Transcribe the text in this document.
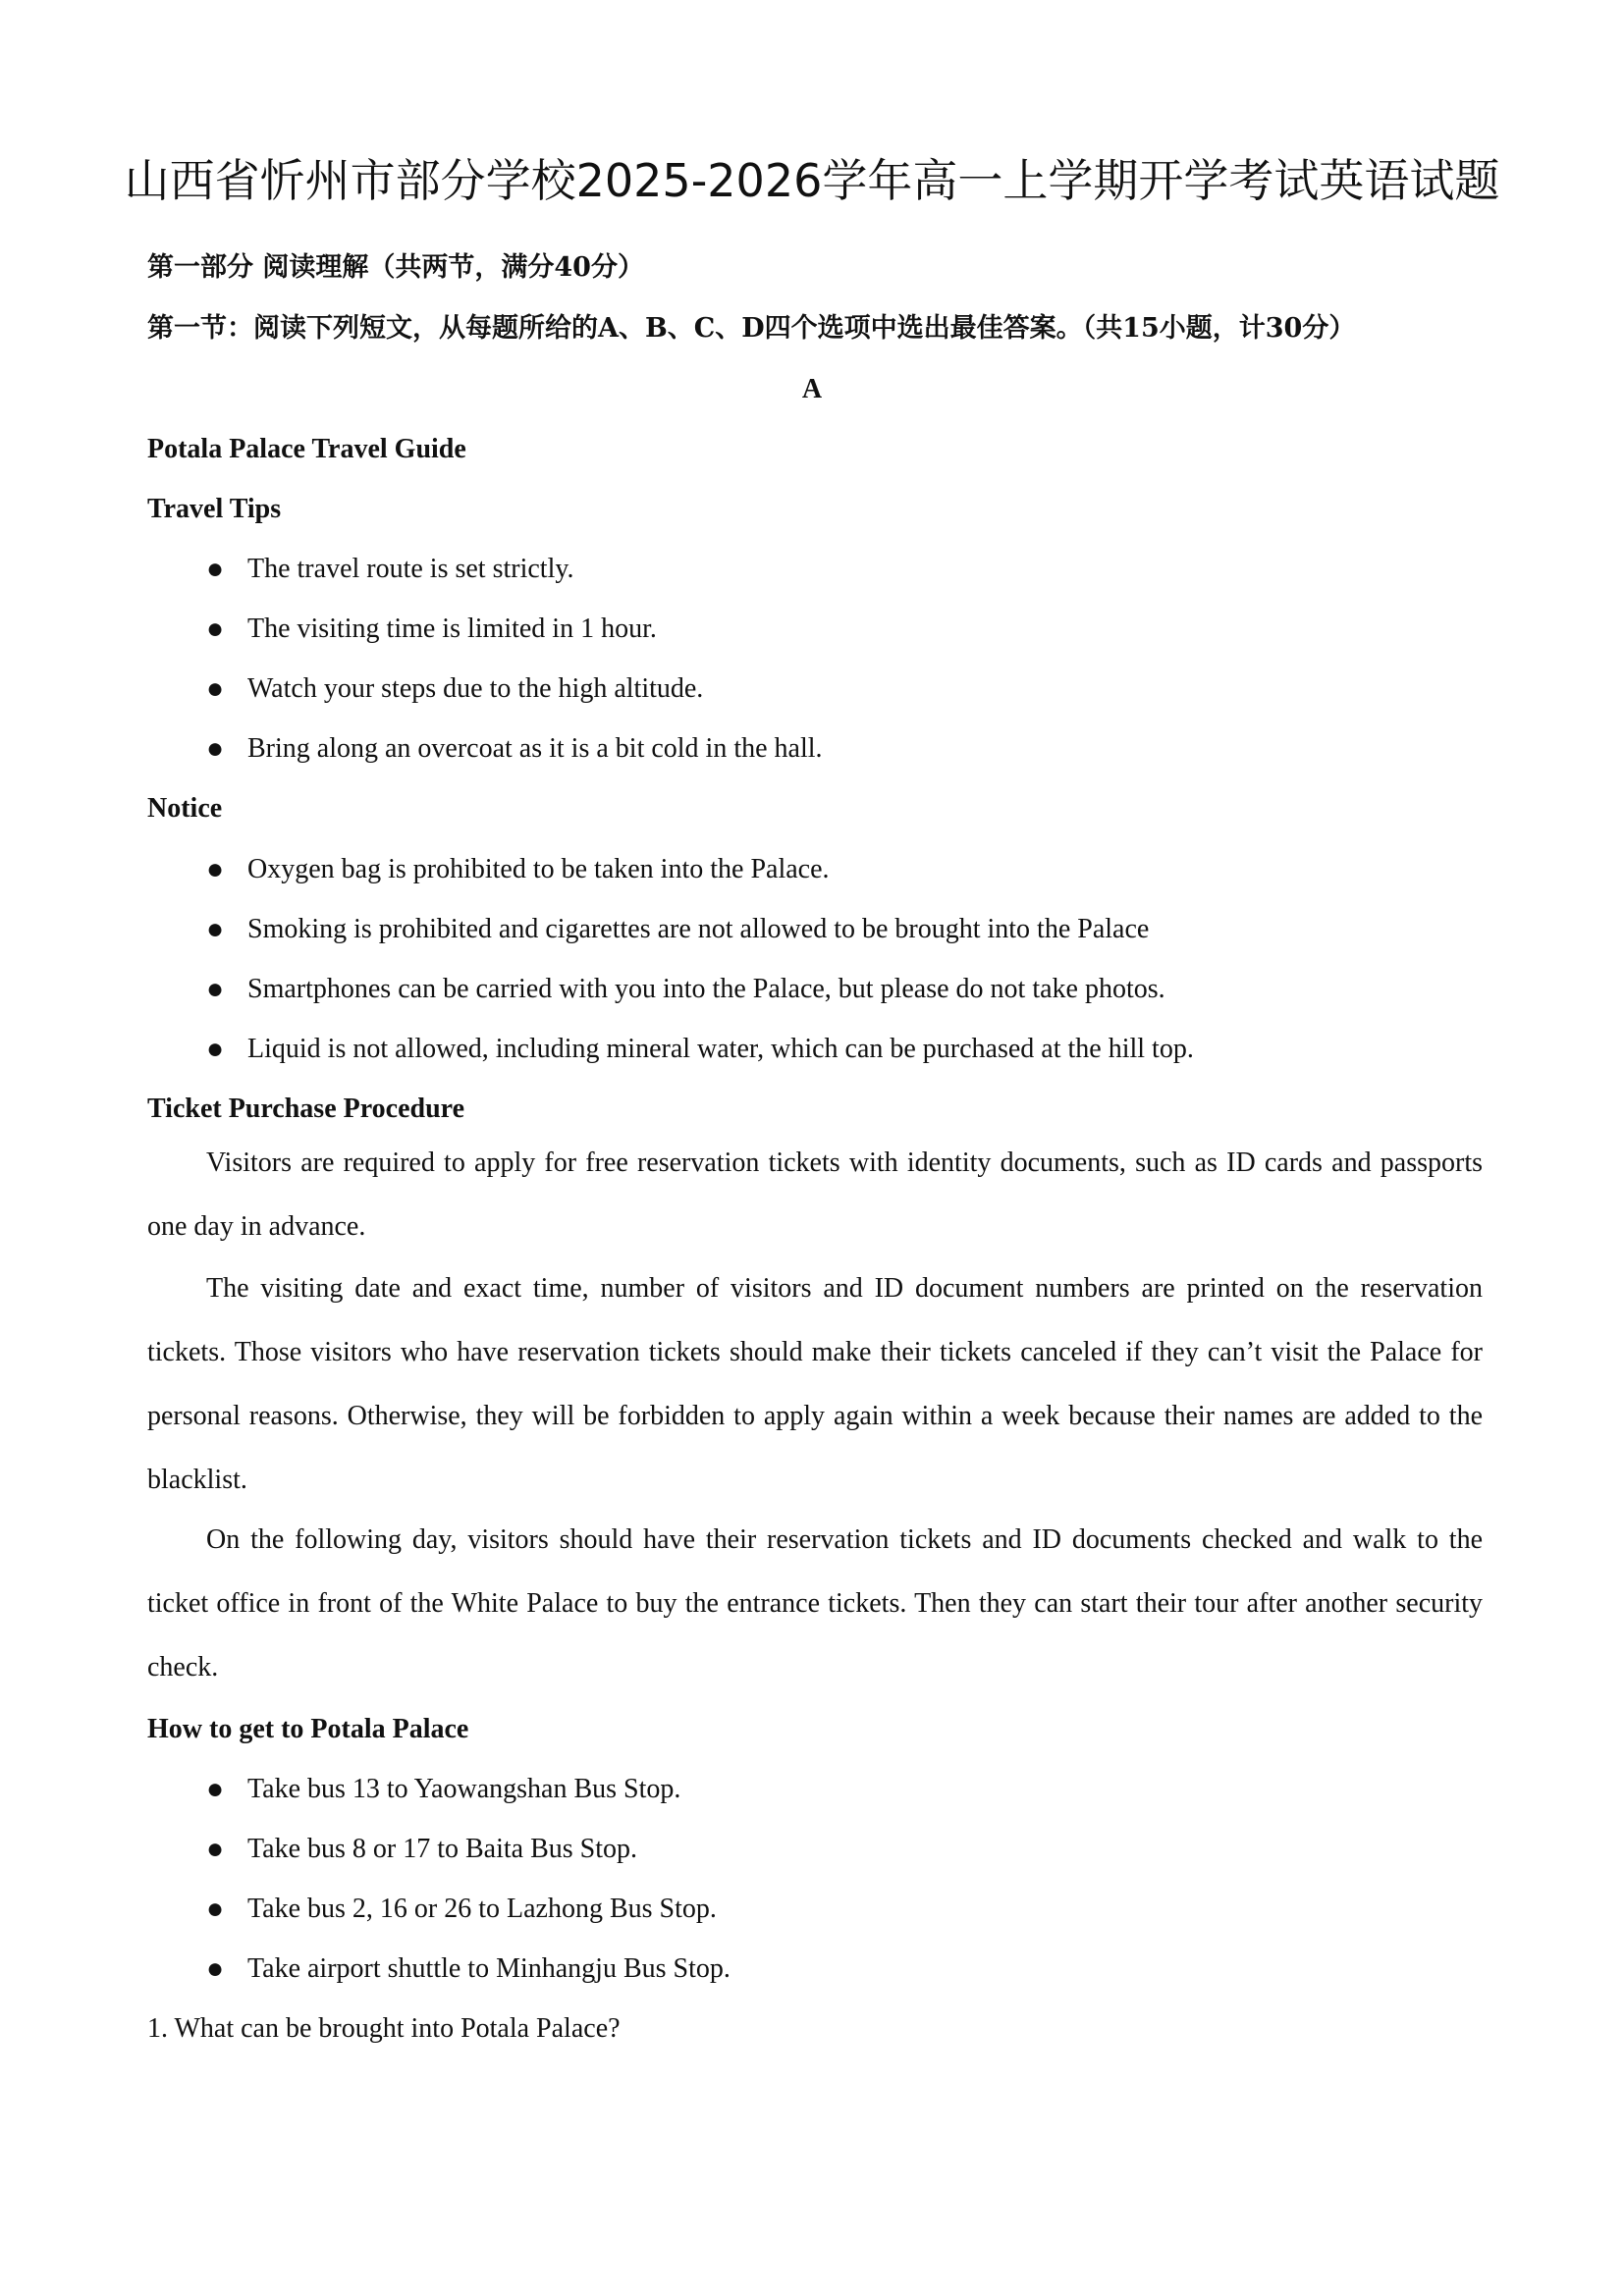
山西省忻州市部分学校2025-2026学年高一上学期开学考试英语试题
第一部分 阅读理解（共两节，满分40分）
第一节：阅读下列短文，从每题所给的A、B、C、D四个选项中选出最佳答案。（共15小题，计30分）
A
Potala Palace Travel Guide
Travel Tips
● The travel route is set strictly.
● The visiting time is limited in 1 hour.
● Watch your steps due to the high altitude.
● Bring along an overcoat as it is a bit cold in the hall.
Notice
● Oxygen bag is prohibited to be taken into the Palace.
● Smoking is prohibited and cigarettes are not allowed to be brought into the Palace
● Smartphones can be carried with you into the Palace, but please do not take photos.
● Liquid is not allowed, including mineral water, which can be purchased at the hill top.
Ticket Purchase Procedure

Visitors are required to apply for free reservation tickets with identity documents, such as ID cards and passports one day in advance.

The visiting date and exact time, number of visitors and ID document numbers are printed on the reservation tickets. Those visitors who have reservation tickets should make their tickets canceled if they can’t visit the Palace for personal reasons. Otherwise, they will be forbidden to apply again within a week because their names are added to the blacklist.

On the following day, visitors should have their reservation tickets and ID documents checked and walk to the ticket office in front of the White Palace to buy the entrance tickets. Then they can start their tour after another security check.

How to get to Potala Palace
● Take bus 13 to Yaowangshan Bus Stop.
● Take bus 8 or 17 to Baita Bus Stop.
● Take bus 2, 16 or 26 to Lazhong Bus Stop.
● Take airport shuttle to Minhangju Bus Stop.
1. What can be brought into Potala Palace?
